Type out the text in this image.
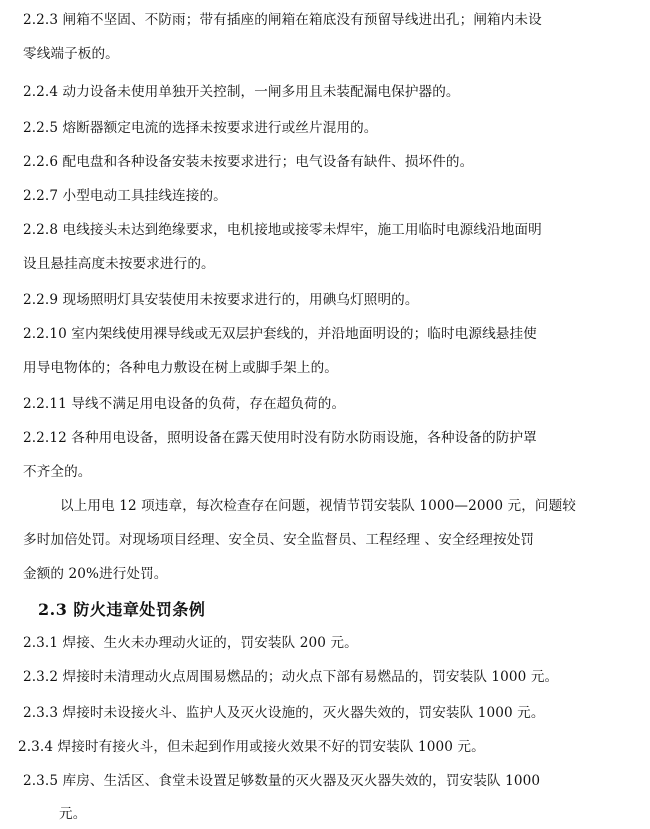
2.2.3 闸箱不坚固、不防雨；带有插座的闸箱在箱底没有预留导线进出孔；闸箱内未设
零线端子板的。
2.2.4 动力设备未使用单独开关控制，一闸多用且未装配漏电保护器的。
2.2.5 熔断器额定电流的选择未按要求进行或丝片混用的。
2.2.6 配电盘和各种设备安装未按要求进行；电气设备有缺件、损坏件的。
2.2.7 小型电动工具挂线连接的。
2.2.8 电线接头未达到绝缘要求，电机接地或接零未焊牢，施工用临时电源线沿地面明
设且悬挂高度未按要求进行的。
2.2.9 现场照明灯具安装使用未按要求进行的，用碘乌灯照明的。
2.2.10 室内架线使用裸导线或无双层护套线的，并沿地面明设的；临时电源线悬挂使
用导电物体的；各种电力敷设在树上或脚手架上的。
2.2.11 导线不满足用电设备的负荷，存在超负荷的。
2.2.12 各种用电设备，照明设备在露天使用时没有防水防雨设施，各种设备的防护罩
不齐全的。
以上用电 12 项违章，每次检查存在问题，视情节罚安装队 1000—2000 元，问题较
多时加倍处罚。对现场项目经理、安全员、安全监督员、工程经理 、安全经理按处罚
金额的 20%进行处罚。
2.3 防火违章处罚条例
2.3.1 焊接、生火未办理动火证的，罚安装队 200 元。
2.3.2 焊接时未清理动火点周围易燃品的；动火点下部有易燃品的，罚安装队 1000 元。
2.3.3 焊接时未设接火斗、监护人及灭火设施的，灭火器失效的，罚安装队 1000 元。
2.3.4 焊接时有接火斗，但未起到作用或接火效果不好的罚安装队 1000 元。
2.3.5 库房、生活区、食堂未设置足够数量的灭火器及灭火器失效的，罚安装队 1000
元。
